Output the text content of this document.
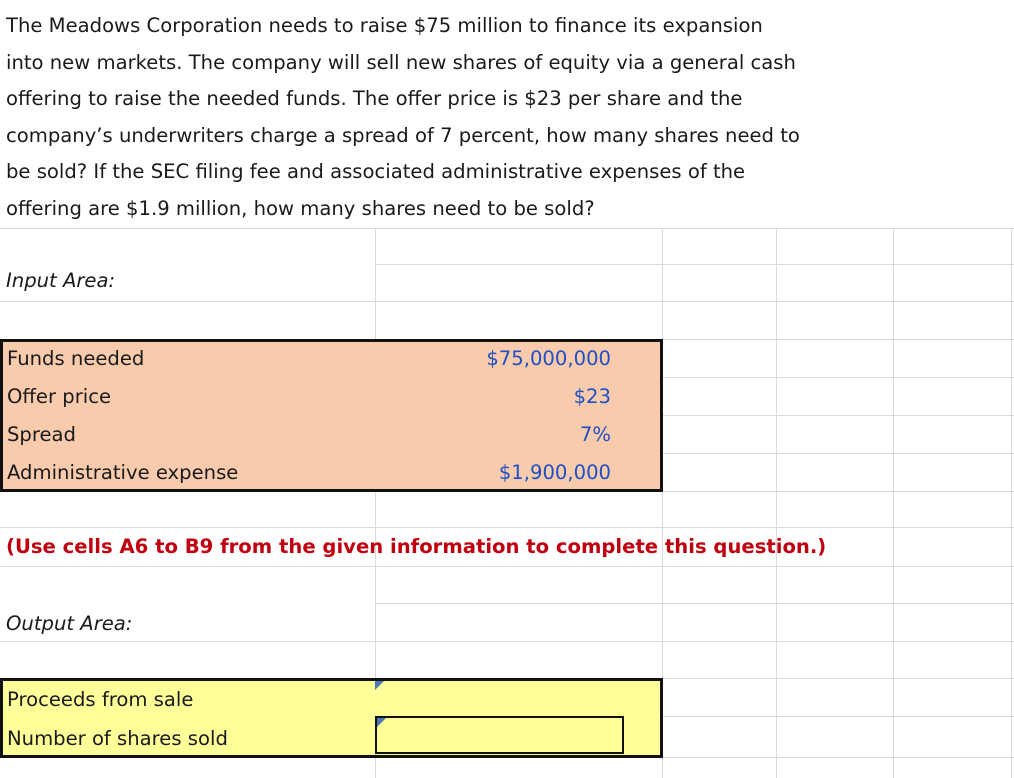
The Meadows Corporation needs to raise $75 million to finance its expansion
into new markets. The company will sell new shares of equity via a general cash
offering to raise the needed funds. The offer price is $23 per share and the
company’s underwriters charge a spread of 7 percent, how many shares need to
be sold? If the SEC filing fee and associated administrative expenses of the
offering are $1.9 million, how many shares need to be sold?

Input Area:
Funds needed	$75,000,000
Offer price	$23
Spread	7%
Administrative expense	$1,900,000
(Use cells A6 to B9 from the given information to complete this question.)
Output Area:
Proceeds from sale
Number of shares sold
